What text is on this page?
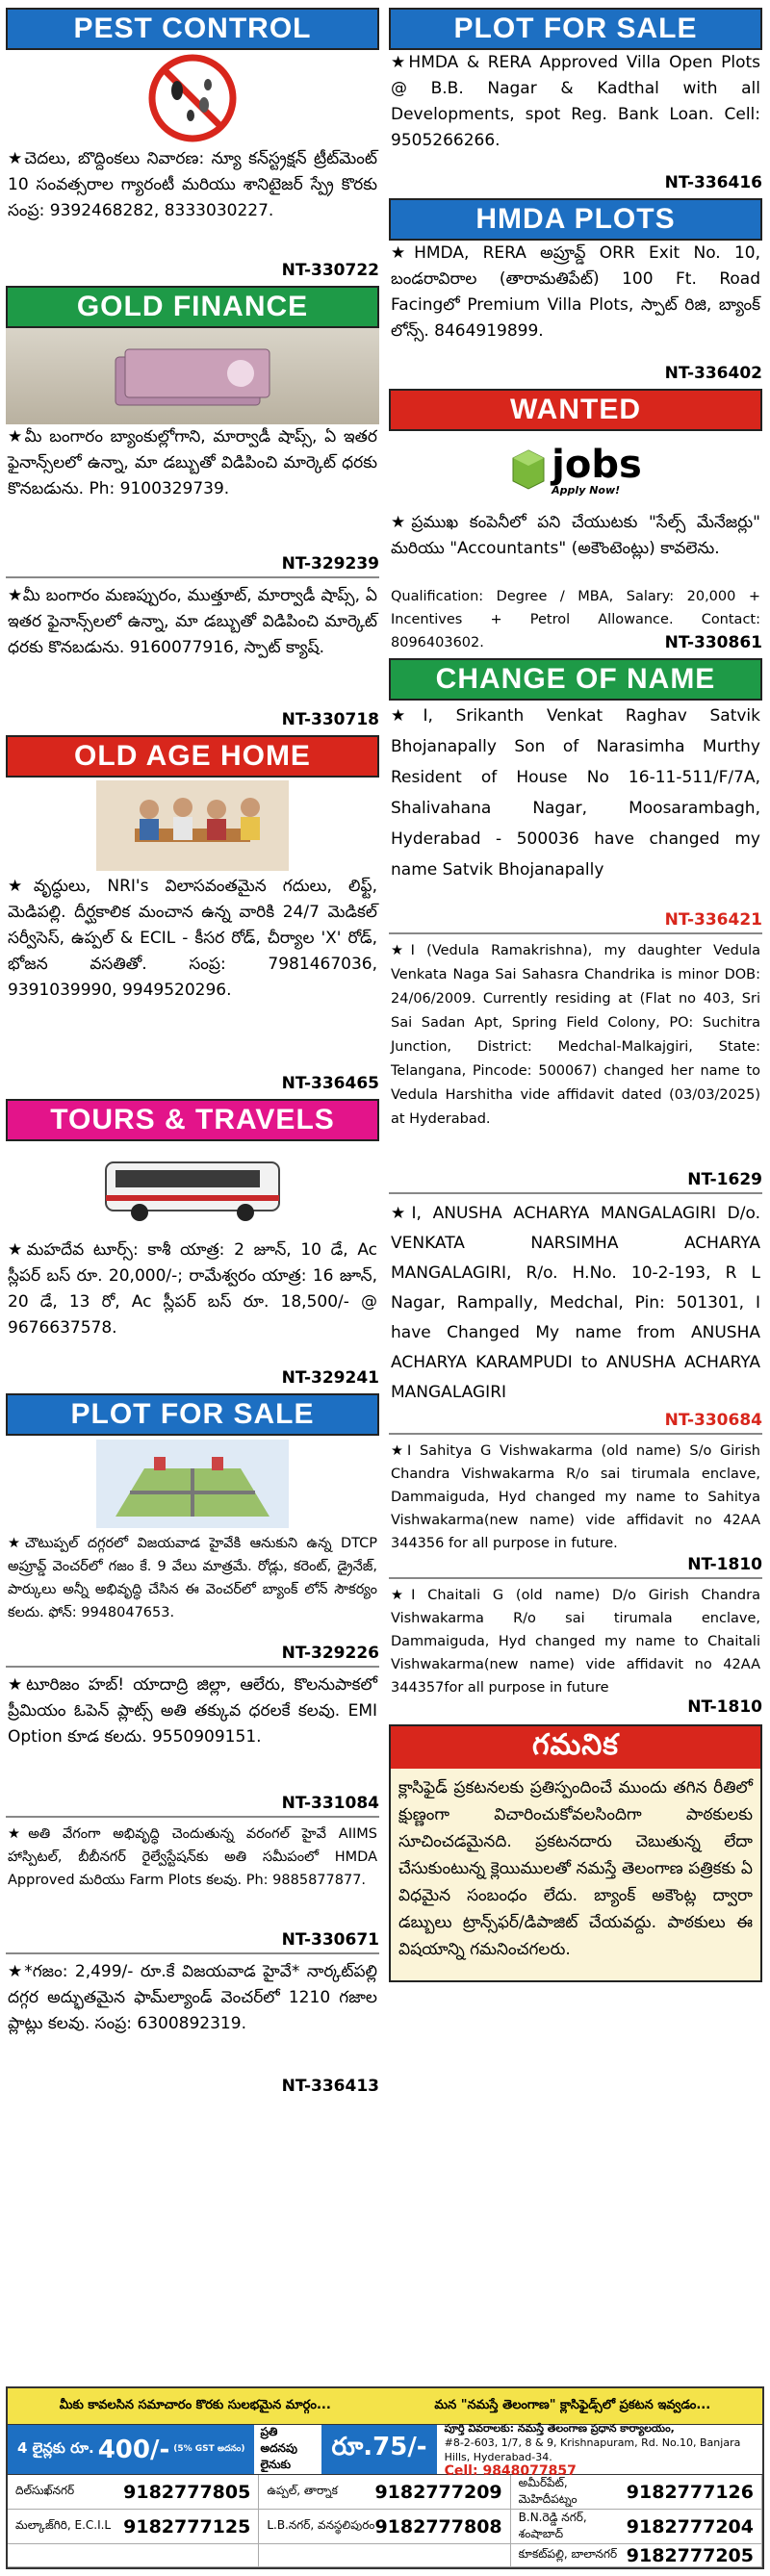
PEST CONTROL
★చెదలు, బొద్దింకలు నివారణ: న్యూ కన్‌స్ట్రక్షన్ ట్రీట్‌మెంట్ 10 సంవత్సరాల గ్యారంటీ మరియు శానిటైజర్ స్ప్రే కొరకు సంప్ర: 9392468282, 8333030227.
NT-330722
GOLD FINANCE
★మీ బంగారం బ్యాంకుల్లోగాని, మార్వాడీ షాప్స్, ఏ ఇతర ఫైనాన్స్‌లలో ఉన్నా, మా డబ్బుతో విడిపించి మార్కెట్ ధరకు కొనబడును. Ph: 9100329739.
NT-329239
★మీ బంగారం మణప్పురం, ముత్తూట్, మార్వాడీ షాప్స్, ఏ ఇతర ఫైనాన్స్‌లలో ఉన్నా, మా డబ్బుతో విడిపించి మార్కెట్ ధరకు కొనబడును. 9160077916, స్పాట్ క్యాష్.
NT-330718
OLD AGE HOME
★వృద్ధులు, NRI's విలాసవంతమైన గదులు, లిఫ్ట్, మెడిపల్లి. దీర్ఘకాలిక మంచాన ఉన్న వారికి 24/7 మెడికల్ సర్వీసెస్, ఉప్పల్ & ECIL - కీసర రోడ్, చీర్యాల 'X' రోడ్, భోజన వసతితో. సంప్ర: 7981467036, 9391039990, 9949520296.
NT-336465
TOURS & TRAVELS
★మహదేవ టూర్స్: కాశీ యాత్ర: 2 జూన్, 10 డే, Ac స్లీపర్ బస్ రూ. 20,000/-; రామేశ్వరం యాత్ర: 16 జూన్, 20 డే, 13 రో, Ac స్లీపర్ బస్ రూ. 18,500/- @ 9676637578.
NT-329241
PLOT FOR SALE
★చౌటుప్పల్ దగ్గరలో విజయవాడ హైవేకి ఆనుకుని ఉన్న DTCP అప్రూవ్డ్ వెంచర్‌లో గజం కే. 9 వేలు మాత్రమే. రోడ్లు, కరెంట్, డ్రైనేజ్, పార్కులు అన్నీ అభివృద్ధి చేసిన ఈ వెంచర్‌లో బ్యాంక్ లోన్ సౌకర్యం కలదు. ఫోన్: 9948047653.
NT-329226
★టూరిజం హబ్! యాదాద్రి జిల్లా, ఆలేరు, కొలనుపాకలో ప్రీమియం ఓపెన్ ప్లాట్స్ అతి తక్కువ ధరలకే కలవు. EMI Option కూడ కలదు. 9550909151.
NT-331084
★అతి వేగంగా అభివృద్ధి చెందుతున్న వరంగల్ హైవే AIIMS హాస్పిటల్, బీబీనగర్ రైల్వేస్టేషన్‌కు అతి సమీపంలో HMDA Approved మరియు Farm Plots కలవు. Ph: 9885877877.
NT-330671
★*గజం: 2,499/- రూ.కే విజయవాడ హైవే* నార్కట్‌పల్లి దగ్గర అద్భుతమైన ఫామ్‌ల్యాండ్ వెంచర్‌లో 1210 గజాల ప్లాట్లు కలవు. సంప్ర: 6300892319.
NT-336413
PLOT FOR SALE
★HMDA & RERA Approved Villa Open Plots @ B.B. Nagar & Kadthal with all Developments, spot Reg. Bank Loan. Cell: 9505266266.
NT-336416
HMDA PLOTS
★HMDA, RERA అప్రూవ్డ్ ORR Exit No. 10, బండరావిరాల (తారామతిపేట్) 100 Ft. Road Facingలో Premium Villa Plots, స్పాట్ రిజి, బ్యాంక్ లోన్స్. 8464919899.
NT-336402
WANTED
jobs
Apply Now!
★ప్రముఖ కంపెనీలో పని చేయుటకు "సేల్స్ మేనేజర్లు" మరియు "Accountants" (అకౌంటెంట్లు) కావలెను.
Qualification: Degree / MBA, Salary: 20,000 + Incentives + Petrol Allowance. Contact: 8096403602.	NT-330861
CHANGE OF NAME
★I, Srikanth Venkat Raghav Satvik Bhojanapally Son of Narasimha Murthy Resident of House No 16-11-511/F/7A, Shalivahana Nagar, Moosarambagh, Hyderabad - 500036 have changed my name Satvik Bhojanapally
NT-336421
★I (Vedula Ramakrishna), my daughter Vedula Venkata Naga Sai Sahasra Chandrika is minor DOB: 24/06/2009. Currently residing at (Flat no 403, Sri Sai Sadan Apt, Spring Field Colony, PO: Suchitra Junction, District: Medchal-Malkajgiri, State: Telangana, Pincode: 500067) changed her name to Vedula Harshitha vide affidavit dated (03/03/2025) at Hyderabad.
NT-1629
★I, ANUSHA ACHARYA MANGALAGIRI D/o. VENKATA NARSIMHA ACHARYA MANGALAGIRI, R/o. H.No. 10-2-193, R L Nagar, Rampally, Medchal, Pin: 501301, I have Changed My name from ANUSHA ACHARYA KARAMPUDI to ANUSHA ACHARYA MANGALAGIRI
NT-330684
★I Sahitya G Vishwakarma (old name) S/o Girish Chandra Vishwakarma R/o sai tirumala enclave, Dammaiguda, Hyd changed my name to Sahitya Vishwakarma(new name) vide affidavit no 42AA 344356 for all purpose in future.
NT-1810
★I Chaitali G (old name) D/o Girish Chandra Vishwakarma R/o sai tirumala enclave, Dammaiguda, Hyd changed my name to Chaitali Vishwakarma(new name) vide affidavit no 42AA 344357for all purpose in future
NT-1810
గమనిక
క్లాసిఫైడ్ ప్రకటనలకు ప్రతిస్పందించే ముందు తగిన రీతిలో క్షుణ్ణంగా విచారించుకోవలసిందిగా పాఠకులకు సూచించడమైనది. ప్రకటనదారు చెబుతున్న లేదా చేసుకుంటున్న క్లెయిములతో నమస్తే తెలంగాణ పత్రికకు ఏ విధమైన సంబంధం లేదు. బ్యాంక్ అకౌంట్ల ద్వారా డబ్బులు ట్రాన్స్‌ఫర్/డిపాజిట్ చేయవద్దు. పాఠకులు ఈ విషయాన్ని గమనించగలరు.
మీకు కావలసిన సమాచారం కొరకు సులభమైన మార్గం...	మన "నమస్తే తెలంగాణ" క్లాసిఫైడ్స్‌లో ప్రకటన ఇవ్వడం...
4 లైన్లకు రూ. 400/- (5% GST అదనం)
ప్రతి అదనపు లైనుకు
రూ.75/-
పూర్తి వివరాలకు: నమస్తే తెలంగాణ ప్రధాన కార్యాలయం,
#8-2-603, 1/7, 8 & 9, Krishnapuram, Rd. No.10, Banjara Hills, Hyderabad-34.
Cell: 9848077857
దిల్‌సుఖ్‌నగర్	9182777805 ఉప్పల్, తార్నాక 9182777209 అమీర్‌పేట్, మెహిదీపట్నం	9182777126
మల్కాజ్‌గిరి, E.C.I.L 9182777125 L.B.నగర్, వనస్థలిపురం 9182777808 B.N.రెడ్డి నగర్, శంషాబాద్	9182777204
కూకట్‌పల్లి, బాలానగర్ 9182777205
